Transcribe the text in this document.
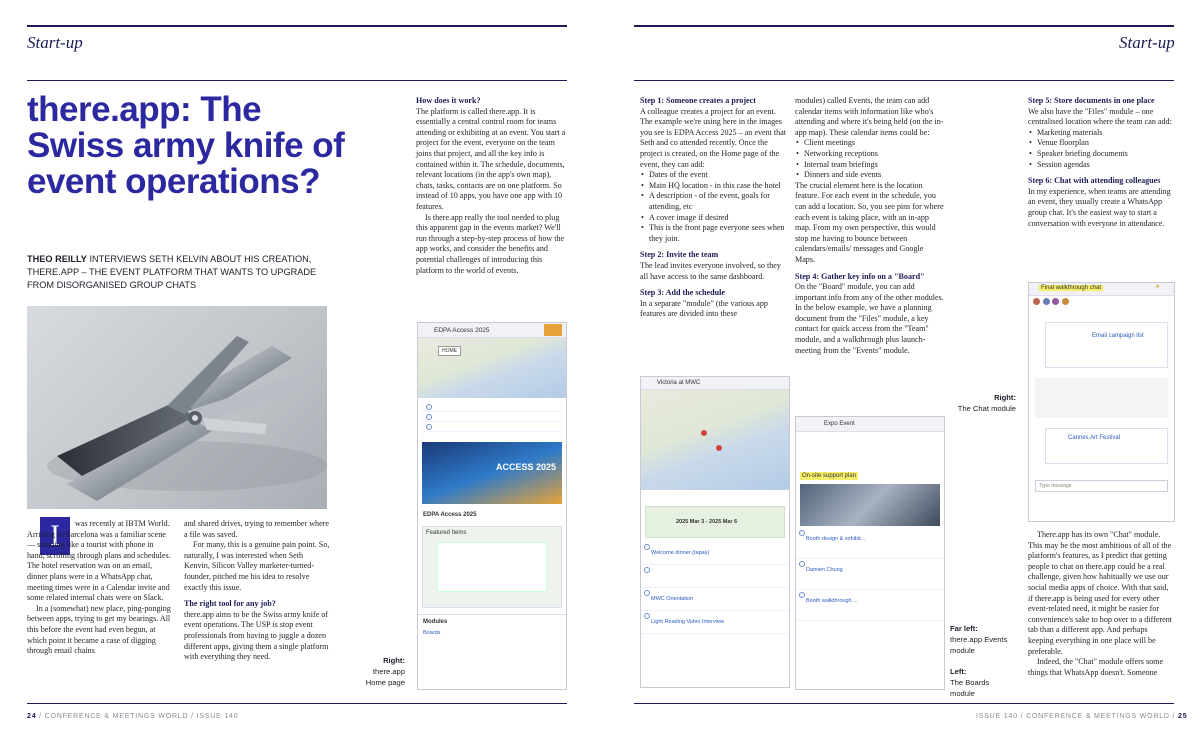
Start-up	Start-up
there.app: The Swiss army knife of event operations?
THEO REILLY INTERVIEWS SETH KELVIN ABOUT HIS CREATION, THERE.APP – THE EVENT PLATFORM THAT WANTS TO UPGRADE FROM DISORGANISED GROUP CHATS
I	was recently at IBTM World. Arriving in Barcelona was a familiar scene — standing like a tourist with phone in hand, scrolling through plans and schedules. The hotel reservation was on an email, dinner plans were in a WhatsApp chat, meeting times were in a Calendar invite and some related internal chats were on Slack.

In a (somewhat) new place, ping-ponging between apps, trying to get my bearings. All this before the event had even begun, at which point it became a case of digging through email chains

and shared drives, trying to remember where a file was saved.

For many, this is a genuine pain point. So, naturally, I was interested when Seth Kenvin, Silicon Valley marketer-turned-founder, pitched me his idea to resolve exactly this issue.

The right tool for any job?

there.app aims to be the Swiss army knife of event operations. The USP is stop event professionals from having to juggle a dozen different apps, giving them a single platform with everything they need.

How does it work?

The platform is called there.app. It is essentially a central control room for teams attending or exhibiting at an event. You start a project for the event, everyone on the team joins that project, and all the key info is contained within it. The schedule, documents, relevant locations (in the app's own map), chats, tasks, contacts are on one platform. So instead of 10 apps, you have one app with 10 features.

Is there.app really the tool needed to plug this apparent gap in the events market? We'll run through a step-by-step process of how the app works, and consider the benefits and potential challenges of introducing this platform to the world of events.

EDPA Access 2025
HOME
ACCESS 2025
EDPA Access 2025
Featured Items
Modules
Boards
Right:
there.app Home page
Step 1: Someone creates a project

A colleague creates a project for an event. The example we're using here in the images you see is EDPA Access 2025 – an event that Seth and co attended recently. Once the project is created, on the Home page of the event, they can add:

• Dates of the event
• Main HQ location - in this case the hotel
• A description - of the event, goals for attending, etc
• A cover image if desired
• This is the front page everyone sees when they join.
Step 2: Invite the team

The lead invites everyone involved, so they all have access to the same dashboard.

Step 3: Add the schedule

In a separate "module" (the various app features are divided into these

modules) called Events, the team can add calendar items with information like who's attending and where it's being held (on the in-app map). These calendar items could be:

• Client meetings
• Networking receptions
• Internal team briefings
• Dinners and side events

The crucial element here is the location feature. For each event in the schedule, you can add a location. So, you see pins for where each event is taking place, with an in-app map. From my own perspective, this would stop me having to bounce between calendars/emails/ messages and Google Maps.

Step 4: Gather key info on a "Board"

On the "Board" module, you can add important info from any of the other modules. In the below example, we have a planning document from the "Files" module, a key contact for quick access from the "Team" module, and a walkthrough plus launch-meeting from the "Events" module.

Step 5: Store documents in one place

We also have the "Files" module – one centralised location where the team can add:

• Marketing materials
• Venue floorplan
• Speaker briefing documents
• Session agendas
Step 6: Chat with attending colleagues

In my experience, when teams are attending an event, they usually create a WhatsApp group chat. It's the easiest way to start a conversation with everyone in attendance.

There.app has its own "Chat" module. This may be the most ambitious of all of the platform's features, as I predict that getting people to chat on there.app could be a real challenge, given how habitually we use our social media apps of choice. With that said, if there.app is being used for every other event-related need, it might be easier for convenience's sake to hop over to a different tab than a different app. And perhaps keeping everything in one place will be preferable.

Indeed, the "Chat" module offers some things that WhatsApp doesn't. Someone

Victoria at MWC
2025 Mar 3 - 2025 Mar 6
Welcome dinner (tapas)
MWC Orientation
Light Reading Video Interview
Expo Event
On-site support plan
Booth design & exhibit...
Damien Chung
Booth walkthrough ...
Final walkthrough chat	★

Email campaign list
Cannes Art Festival
Type message
Right:
The Chat module
Far left:
there.app Events module
Left:
The Boards module
24 / CONFERENCE & MEETINGS WORLD / ISSUE 140	ISSUE 140 / CONFERENCE & MEETINGS WORLD / 25
